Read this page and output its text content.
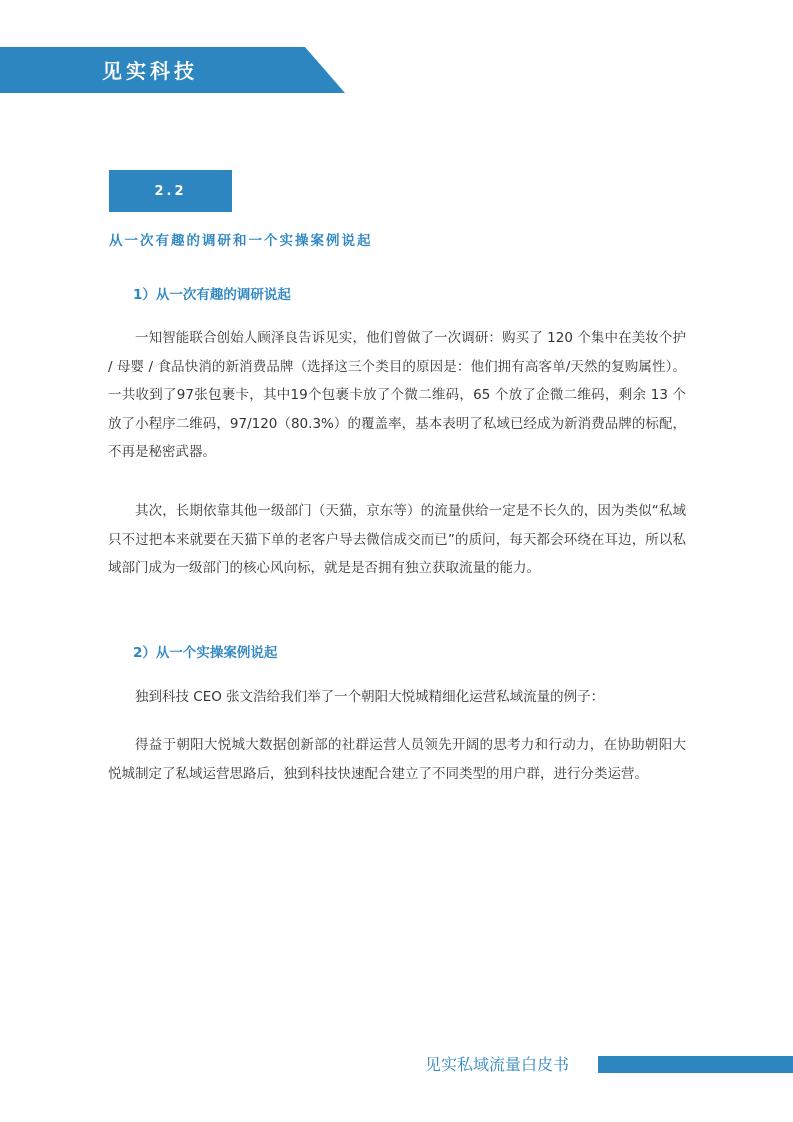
见实科技
2.2
从一次有趣的调研和一个实操案例说起
1）从一次有趣的调研说起

一知智能联合创始人顾泽良告诉见实，他们曾做了一次调研：购买了 120 个集中在美妆个护 / 母婴 / 食品快消的新消费品牌（选择这三个类目的原因是：他们拥有高客单/天然的复购属性）。一共收到了97张包裹卡，其中19个包裹卡放了个微二维码，65 个放了企微二维码，剩余 13 个放了小程序二维码，97/120（80.3%）的覆盖率，基本表明了私域已经成为新消费品牌的标配，不再是秘密武器。

其次，长期依靠其他一级部门（天猫，京东等）的流量供给一定是不长久的，因为类似“私域只不过把本来就要在天猫下单的老客户导去微信成交而已”的质问，每天都会环绕在耳边，所以私域部门成为一级部门的核心风向标，就是是否拥有独立获取流量的能力。

2）从一个实操案例说起

独到科技 CEO 张文浩给我们举了一个朝阳大悦城精细化运营私域流量的例子：

得益于朝阳大悦城大数据创新部的社群运营人员领先开阔的思考力和行动力，在协助朝阳大悦城制定了私域运营思路后，独到科技快速配合建立了不同类型的用户群，进行分类运营。

见实私域流量白皮书
